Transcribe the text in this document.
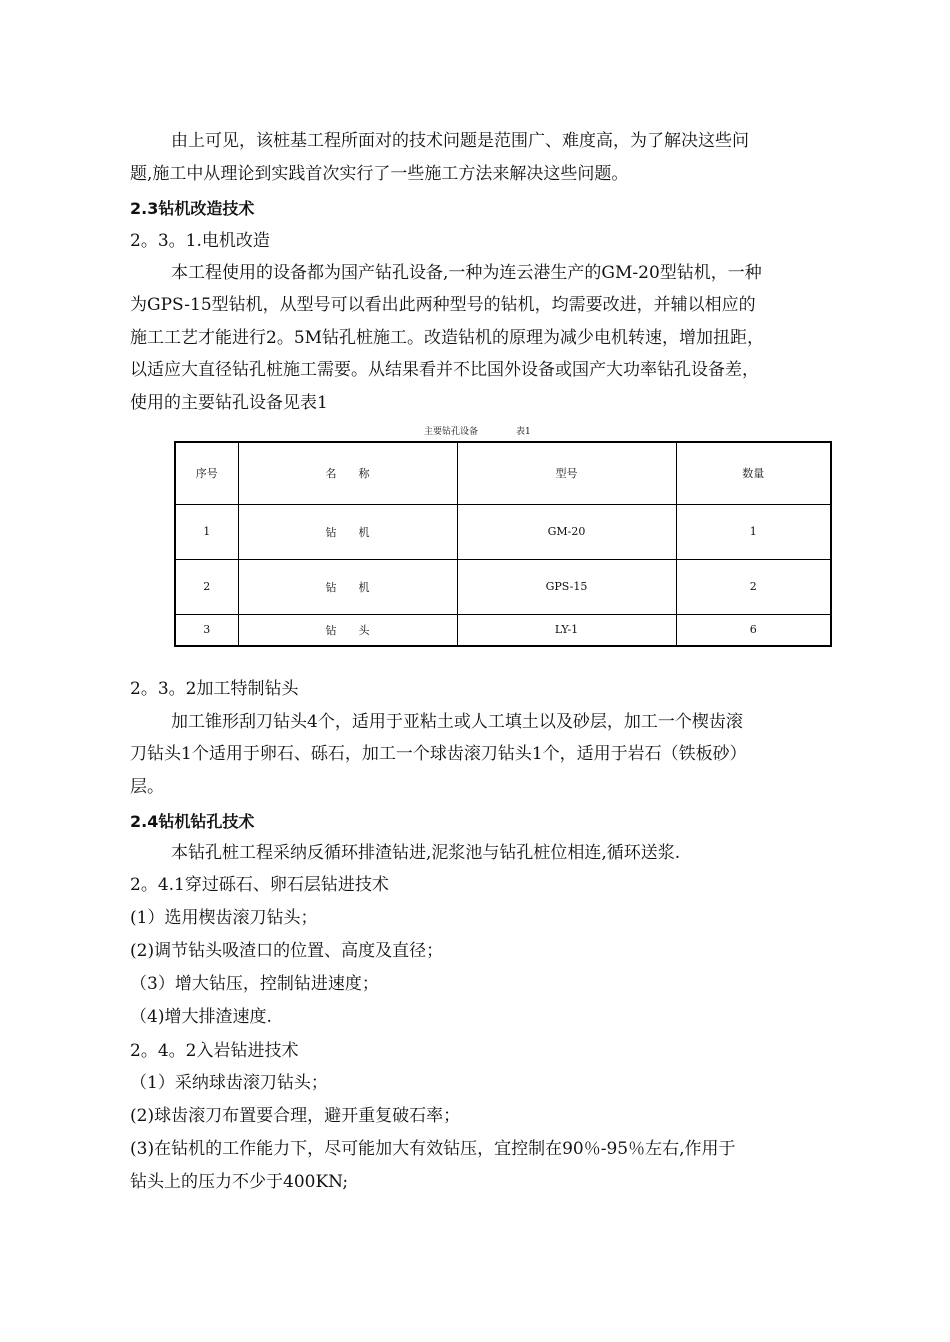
由上可见，该桩基工程所面对的技术问题是范围广、难度高，为了解决这些问
题,施工中从理论到实践首次实行了一些施工方法来解决这些问题。
2.3钻机改造技术
2。3。1.电机改造
本工程使用的设备都为国产钻孔设备,一种为连云港生产的GM-20型钻机，一种
为GPS-15型钻机，从型号可以看出此两种型号的钻机，均需要改进，并辅以相应的
施工工艺才能进行2。5M钻孔桩施工。改造钻机的原理为减少电机转速，增加扭距，
以适应大直径钻孔桩施工需要。从结果看并不比国外设备或国产大功率钻孔设备差，
使用的主要钻孔设备见表1
主要钻孔设备	表1
序号	名　　称	型号	数量
1	钻　　机	GM-20	1
2	钻　　机	GPS-15	2
3	钻　　头	LY-1	6
2。3。2加工特制钻头
加工锥形刮刀钻头4个，适用于亚粘土或人工填土以及砂层，加工一个楔齿滚
刀钻头1个适用于卵石、砾石，加工一个球齿滚刀钻头1个，适用于岩石（铁板砂）
层。
2.4钻机钻孔技术
本钻孔桩工程采纳反循环排渣钻进,泥浆池与钻孔桩位相连,循环送浆.
2。4.1穿过砾石、卵石层钻进技术
(1）选用楔齿滚刀钻头；
(2)调节钻头吸渣口的位置、高度及直径；
（3）增大钻压，控制钻进速度；
（4)增大排渣速度.
2。4。2入岩钻进技术
（1）采纳球齿滚刀钻头；
(2)球齿滚刀布置要合理，避开重复破石率；
(3)在钻机的工作能力下，尽可能加大有效钻压，宜控制在90％-95％左右,作用于
钻头上的压力不少于400KN;
